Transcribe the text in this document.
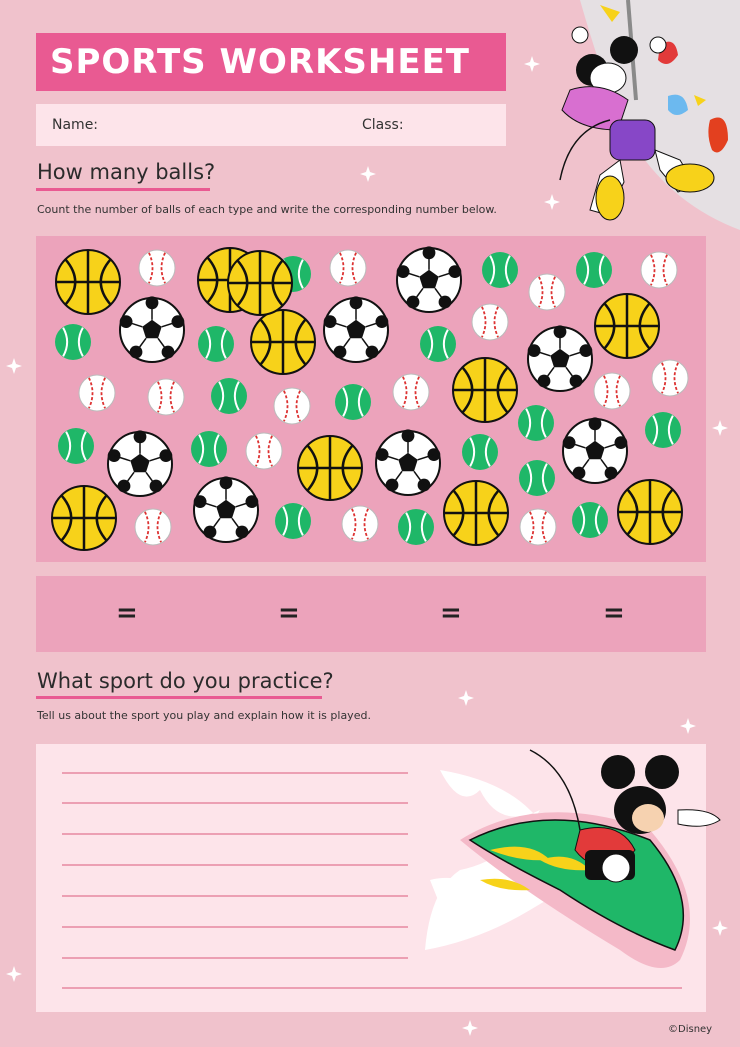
SPORTS WORKSHEET
Name:	Class:
How many balls?
Count the number of balls of each type and write the corresponding number below.
=	=	=	=
What sport do you practice?
Tell us about the sport you play and explain how it is played.
©Disney
